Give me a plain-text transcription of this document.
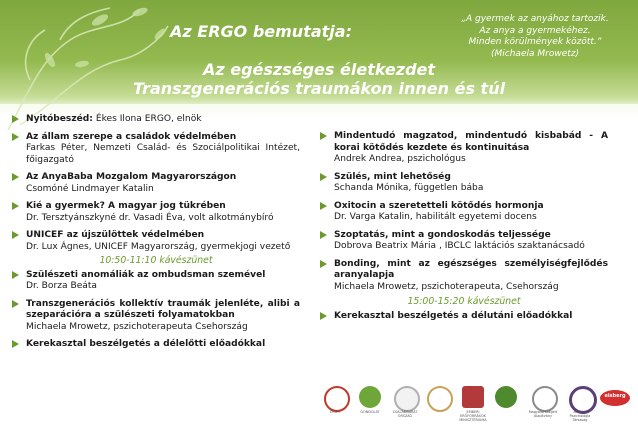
Az ERGO bemutatja:
Az egészséges életkezdet
Transzgenerációs traumákon innen és túl
„A gyermek az anyához tartozik.
Az anya a gyermekéhez.
Minden körülmények között.”
(Michaela Mrowetz)
Nyitóbeszéd: Ékes Ilona ERGO, elnök
Az állam szerepe a családok védelmében
Farkas Péter, Nemzeti Család- és Szociálpolitikai Intézet, főigazgató
Az AnyaBaba Mozgalom Magyarországon
Csomóné Lindmayer Katalin
Kié a gyermek? A magyar jog tükrében
Dr. Tersztyánszkyné dr. Vasadi Éva, volt alkotmánybíró
UNICEF az újszülöttek védelmében
Dr. Lux Ágnes, UNICEF Magyarország, gyermekjogi vezető
10:50-11:10 kávészünet
Szülészeti anomáliák az ombudsman szemével
Dr. Borza Beáta
Transzgenerációs kollektív traumák jelenléte, alibi a szeparációra a szülészeti folyamatokban
Michaela Mrowetz, pszichoterapeuta Csehország
Kerekasztal beszélgetés a délelőtti előadókkal
Mindentudó magzatod, mindentudó kisbabád - A korai kötődés kezdete és kontinuitása
Andrek Andrea, pszichológus
Szülés, mint lehetőség
Schanda Mónika, független bába
Oxitocin a szeretetteli kötődés hormonja
Dr. Varga Katalin, habilitált egyetemi docens
Szoptatás, mint a gondoskodás teljessége
Dobrova Beatrix Mária , IBCLC laktációs szaktanácsadó
Bonding, mint az egészséges személyiségfejlődés aranyalapja
Michaela Mrowetz, pszichoterapeuta, Csehország
15:00-15:20 kávészünet
Kerekasztal beszélgetés a délutáni előadókkal
ERGO	GONDOLAT	CSALÁDBARÁT ORSZÁG
EMBERI ERŐFORRÁSOK MINISZTÉRIUMA
Magyarországért Alapítvány
Affektív Pszichológia Társaság
eisberg
